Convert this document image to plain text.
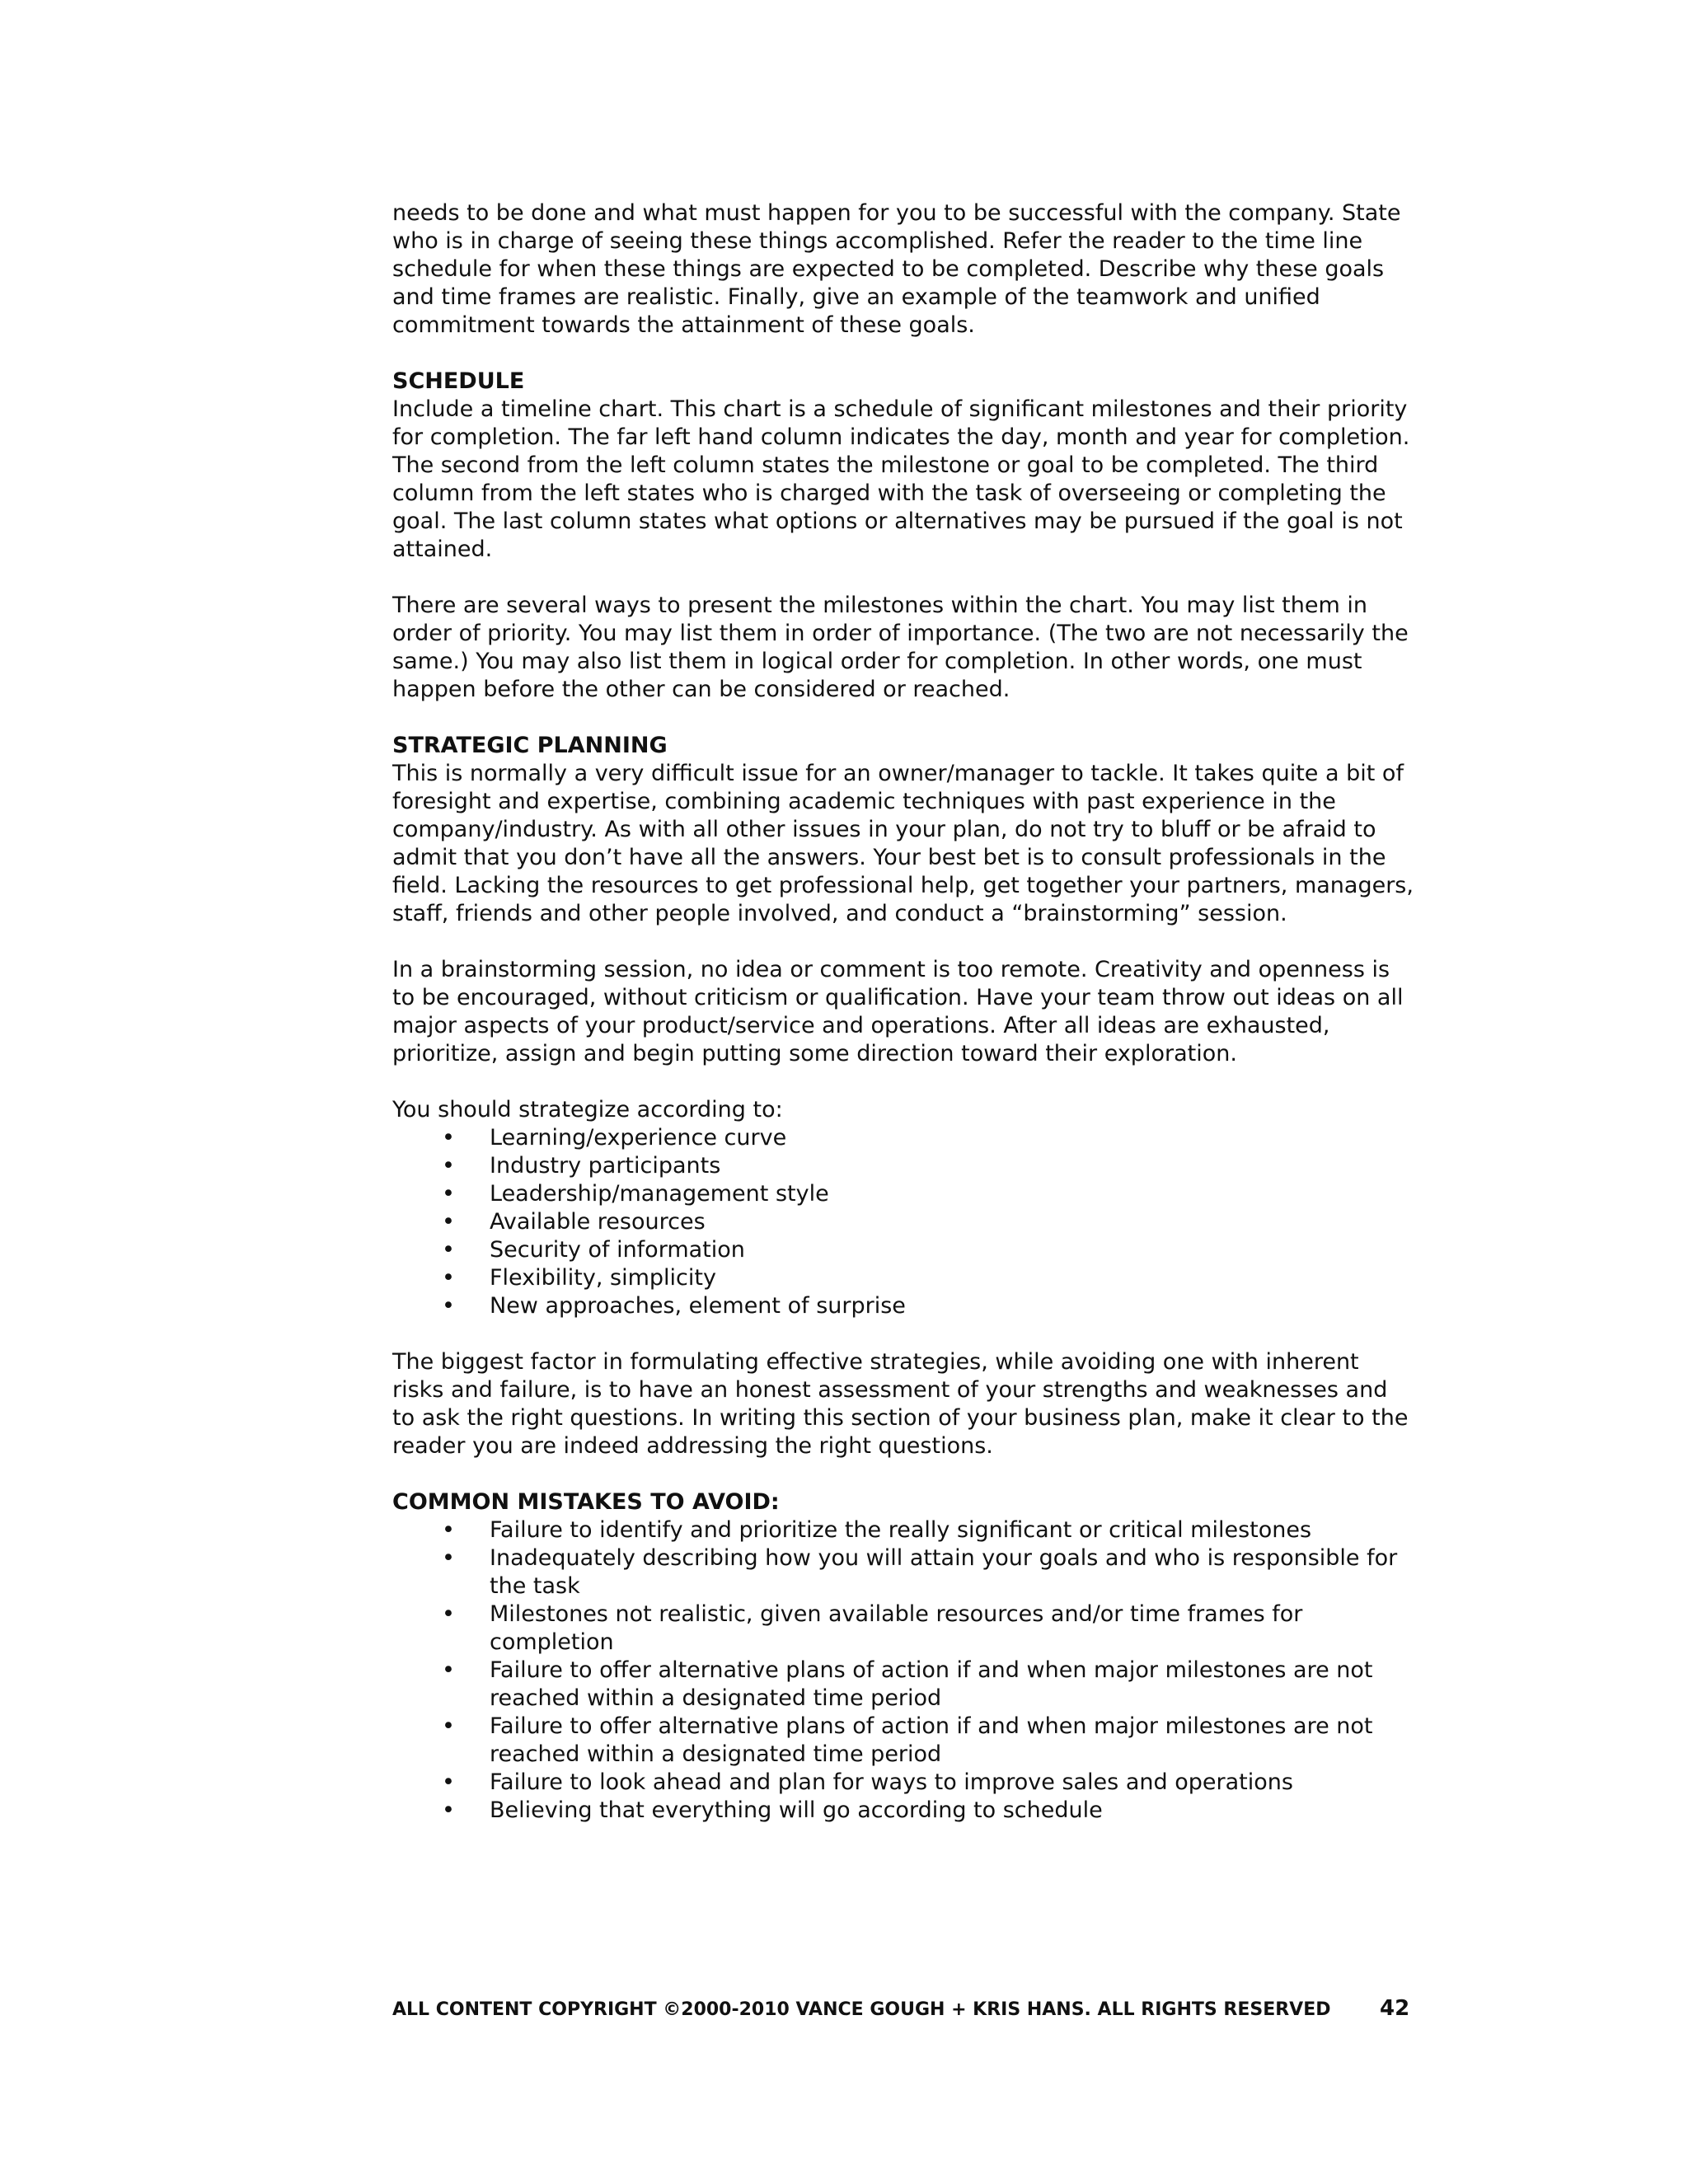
needs to be done and what must happen for you to be successful with the company. State who is in charge of seeing these things accomplished. Refer the reader to the time line schedule for when these things are expected to be completed. Describe why these goals and time frames are realistic. Finally, give an example of the teamwork and unified commitment towards the attainment of these goals.

SCHEDULE

Include a timeline chart. This chart is a schedule of significant milestones and their priority for completion. The far left hand column indicates the day, month and year for completion. The second from the left column states the milestone or goal to be completed. The third column from the left states who is charged with the task of overseeing or completing the goal. The last column states what options or alternatives may be pursued if the goal is not attained.

There are several ways to present the milestones within the chart. You may list them in order of priority. You may list them in order of importance. (The two are not necessarily the same.) You may also list them in logical order for completion. In other words, one must happen before the other can be considered or reached.

STRATEGIC PLANNING

This is normally a very difficult issue for an owner/manager to tackle. It takes quite a bit of foresight and expertise, combining academic techniques with past experience in the company/industry. As with all other issues in your plan, do not try to bluff or be afraid to admit that you don’t have all the answers. Your best bet is to consult professionals in the field. Lacking the resources to get professional help, get together your partners, managers, staff, friends and other people involved, and conduct a “brainstorming” session.

In a brainstorming session, no idea or comment is too remote. Creativity and openness is to be encouraged, without criticism or qualification. Have your team throw out ideas on all major aspects of your product/service and operations. After all ideas are exhausted, prioritize, assign and begin putting some direction toward their exploration.

You should strategize according to:

• Learning/experience curve
• Industry participants
• Leadership/management style
• Available resources
• Security of information
• Flexibility, simplicity
• New approaches, element of surprise

The biggest factor in formulating effective strategies, while avoiding one with inherent risks and failure, is to have an honest assessment of your strengths and weaknesses and to ask the right questions. In writing this section of your business plan, make it clear to the reader you are indeed addressing the right questions.

COMMON MISTAKES TO AVOID:

• Failure to identify and prioritize the really significant or critical milestones
• Inadequately describing how you will attain your goals and who is responsible for the task
• Milestones not realistic, given available resources and/or time frames for completion
• Failure to offer alternative plans of action if and when major milestones are not reached within a designated time period
• Failure to offer alternative plans of action if and when major milestones are not reached within a designated time period
• Failure to look ahead and plan for ways to improve sales and operations
• Believing that everything will go according to schedule
ALL CONTENT COPYRIGHT ©2000-2010 VANCE GOUGH + KRIS HANS. ALL RIGHTS RESERVED 42
